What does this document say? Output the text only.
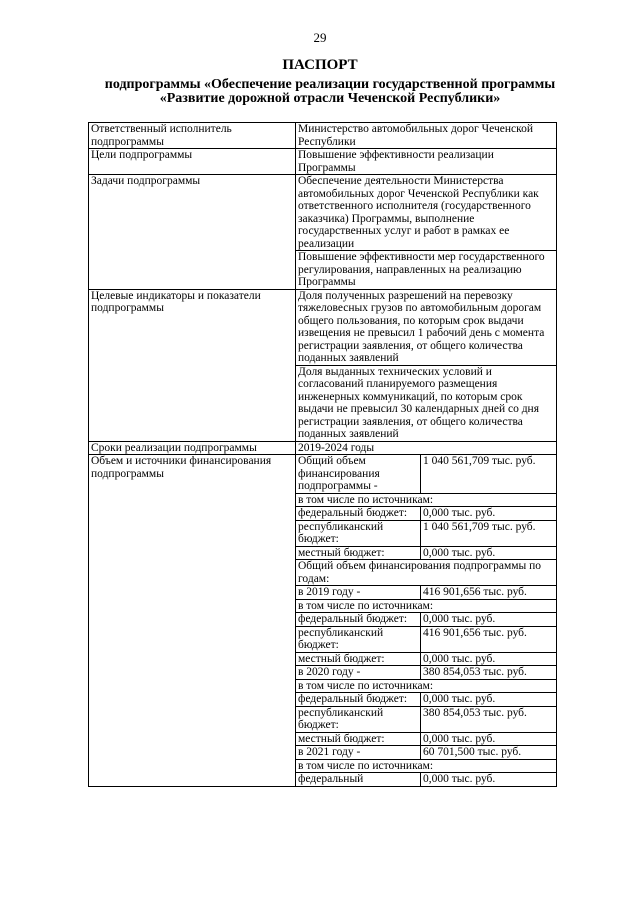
29
ПАСПОРТ
подпрограммы «Обеспечение реализации государственной программы
«Развитие дорожной отрасли Чеченской Республики»
Ответственный исполнитель подпрограммы	Министерство автомобильных дорог Чеченской Республики	
Цели подпрограммы	Повышение эффективности реализации Программы	
Задачи подпрограммы	Обеспечение деятельности Министерства автомобильных дорог Чеченской Республики как ответственного исполнителя (государственного заказчика) Программы, выполнение государственных услуг и работ в рамках ее реализации	
	Повышение эффективности мер государственного регулирования, направленных на реализацию Программы	
Целевые индикаторы и показатели подпрограммы	Доля полученных разрешений на перевозку тяжеловесных грузов по автомобильным дорогам общего пользования, по которым срок выдачи извещения не превысил 1 рабочий день с момента регистрации заявления, от общего количества поданных заявлений	
	Доля выданных технических условий и согласований планируемого размещения инженерных коммуникаций, по которым срок выдачи не превысил 30 календарных дней со дня регистрации заявления, от общего количества поданных заявлений	
Сроки реализации подпрограммы	2019-2024 годы	
Объем и источники финансирования подпрограммы	Общий объем финансирования подпрограммы -	1 040 561,709 тыс. руб.
	в том числе по источникам:	
	федеральный бюджет:	0,000 тыс. руб.
	республиканский бюджет:	1 040 561,709 тыс. руб.
	местный бюджет:	0,000 тыс. руб.
	Общий объем финансирования подпрограммы по годам:	
	в 2019 году -	416 901,656 тыс. руб.
	в том числе по источникам:	
	федеральный бюджет:	0,000 тыс. руб.
	республиканский бюджет:	416 901,656 тыс. руб.
	местный бюджет:	0,000 тыс. руб.
	в 2020 году -	380 854,053 тыс. руб.
	в том числе по источникам:	
	федеральный бюджет:	0,000 тыс. руб.
	республиканский бюджет:	380 854,053 тыс. руб.
	местный бюджет:	0,000 тыс. руб.
	в 2021 году -	60 701,500 тыс. руб.
	в том числе по источникам:	
	федеральный	0,000 тыс. руб.
